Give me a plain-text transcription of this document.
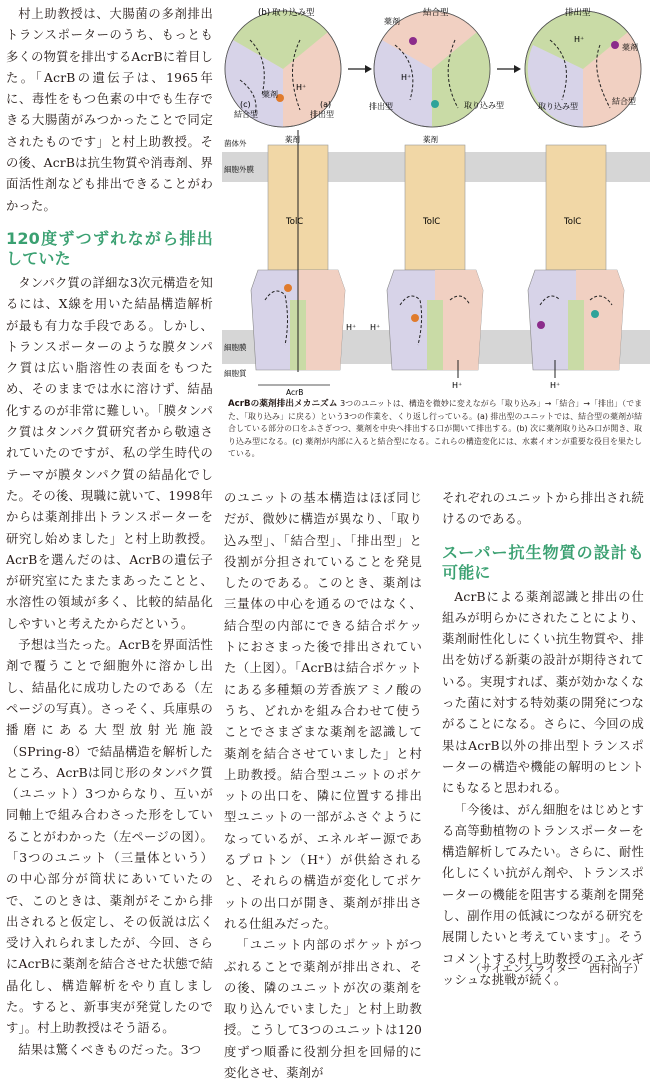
(b) 取り込み型
(c)
結合型
(a)
排出型
薬剤
H⁺
結合型
薬剤
H⁺
排出型	取り込み型
排出型
H⁺
薬剤
取り込み型
結合型
菌体外
細胞外膜
細胞膜
細胞質
薬剤
TolC
薬剤
TolC	TolC
H⁺ H⁺
H⁺	H⁺
AcrB
AcrBの薬剤排出メカニズム 3つのユニットは、構造を微妙に変えながら「取り込み」→「結合」→「排出」（でまた、「取り込み」に戻る）という3つの作業を、くり返し行っている。(a) 排出型のユニットでは、結合型の薬剤が結合している部分の口をふさぎつつ、薬剤を中央へ排出する口が開いて排出する。(b) 次に薬剤取り込み口が開き、取り込み型になる。(c) 薬剤が内部に入ると結合型になる。これらの構造変化には、水素イオンが重要な役目を果たしている。

村上助教授は、大腸菌の多剤排出トランスポーターのうち、もっとも多くの物質を排出するAcrBに着目した。「AcrBの遺伝子は、1965年に、毒性をもつ色素の中でも生存できる大腸菌がみつかったことで同定されたものです」と村上助教授。その後、AcrBは抗生物質や消毒剤、界面活性剤なども排出できることがわかった。

120度ずつずれながら排出していた

タンパク質の詳細な3次元構造を知るには、X線を用いた結晶構造解析が最も有力な手段である。しかし、トランスポーターのような膜タンパク質は広い脂溶性の表面をもつため、そのままでは水に溶けず、結晶化するのが非常に難しい。「膜タンパク質はタンパク質研究者から敬遠されていたのですが、私の学生時代のテーマが膜タンパク質の結晶化でした。その後、現職に就いて、1998年からは薬剤排出トランスポーターを研究し始めました」と村上助教授。AcrBを選んだのは、AcrBの遺伝子が研究室にたまたまあったことと、水溶性の領域が多く、比較的結晶化しやすいと考えたからだという。

予想は当たった。AcrBを界面活性剤で覆うことで細胞外に溶かし出し、結晶化に成功したのである（左ページの写真）。さっそく、兵庫県の播磨にある大型放射光施設（SPring-8）で結晶構造を解析したところ、AcrBは同じ形のタンパク質（ユニット）3つからなり、互いが同軸上で組み合わさった形をしていることがわかった（左ページの図）。「3つのユニット（三量体という）の中心部分が筒状にあいていたので、このときは、薬剤がそこから排出されると仮定し、その仮説は広く受け入れられましたが、今回、さらにAcrBに薬剤を結合させた状態で結晶化し、構造解析をやり直しました。すると、新事実が発覚したのです」。村上助教授はそう語る。

結果は驚くべきものだった。3つ

のユニットの基本構造はほぼ同じだが、微妙に構造が異なり、「取り込み型」、「結合型」、「排出型」と役割が分担されていることを発見したのである。このとき、薬剤は三量体の中心を通るのではなく、結合型の内部にできる結合ポケットにおさまった後で排出されていた（上図）。「AcrBは結合ポケットにある多種類の芳香族アミノ酸のうち、どれかを組み合わせて使うことでさまざまな薬剤を認識して薬剤を結合させていました」と村上助教授。結合型ユニットのポケットの出口を、隣に位置する排出型ユニットの一部がふさぐようになっているが、エネルギー源であるプロトン（H⁺）が供給されると、それらの構造が変化してポケットの出口が開き、薬剤が排出される仕組みだった。

「ユニット内部のポケットがつぶれることで薬剤が排出され、その後、隣のユニットが次の薬剤を取り込んでいました」と村上助教授。こうして3つのユニットは120度ずつ順番に役割分担を回帰的に変化させ、薬剤が

それぞれのユニットから排出され続けるのである。

スーパー抗生物質の設計も可能に

AcrBによる薬剤認識と排出の仕組みが明らかにされたことにより、薬剤耐性化しにくい抗生物質や、排出を妨げる新薬の設計が期待されている。実現すれば、薬が効かなくなった菌に対する特効薬の開発につながることになる。さらに、今回の成果はAcrB以外の排出型トランスポーターの構造や機能の解明のヒントにもなると思われる。

「今後は、がん細胞をはじめとする高等動植物のトランスポーターを構造解析してみたい。さらに、耐性化しにくい抗がん剤や、トランスポーターの機能を阻害する薬剤を開発し、副作用の低減につながる研究を展開したいと考えています」。そうコメントする村上助教授のエネルギッシュな挑戦が続く。

（サイエンスライター　西村尚子）
